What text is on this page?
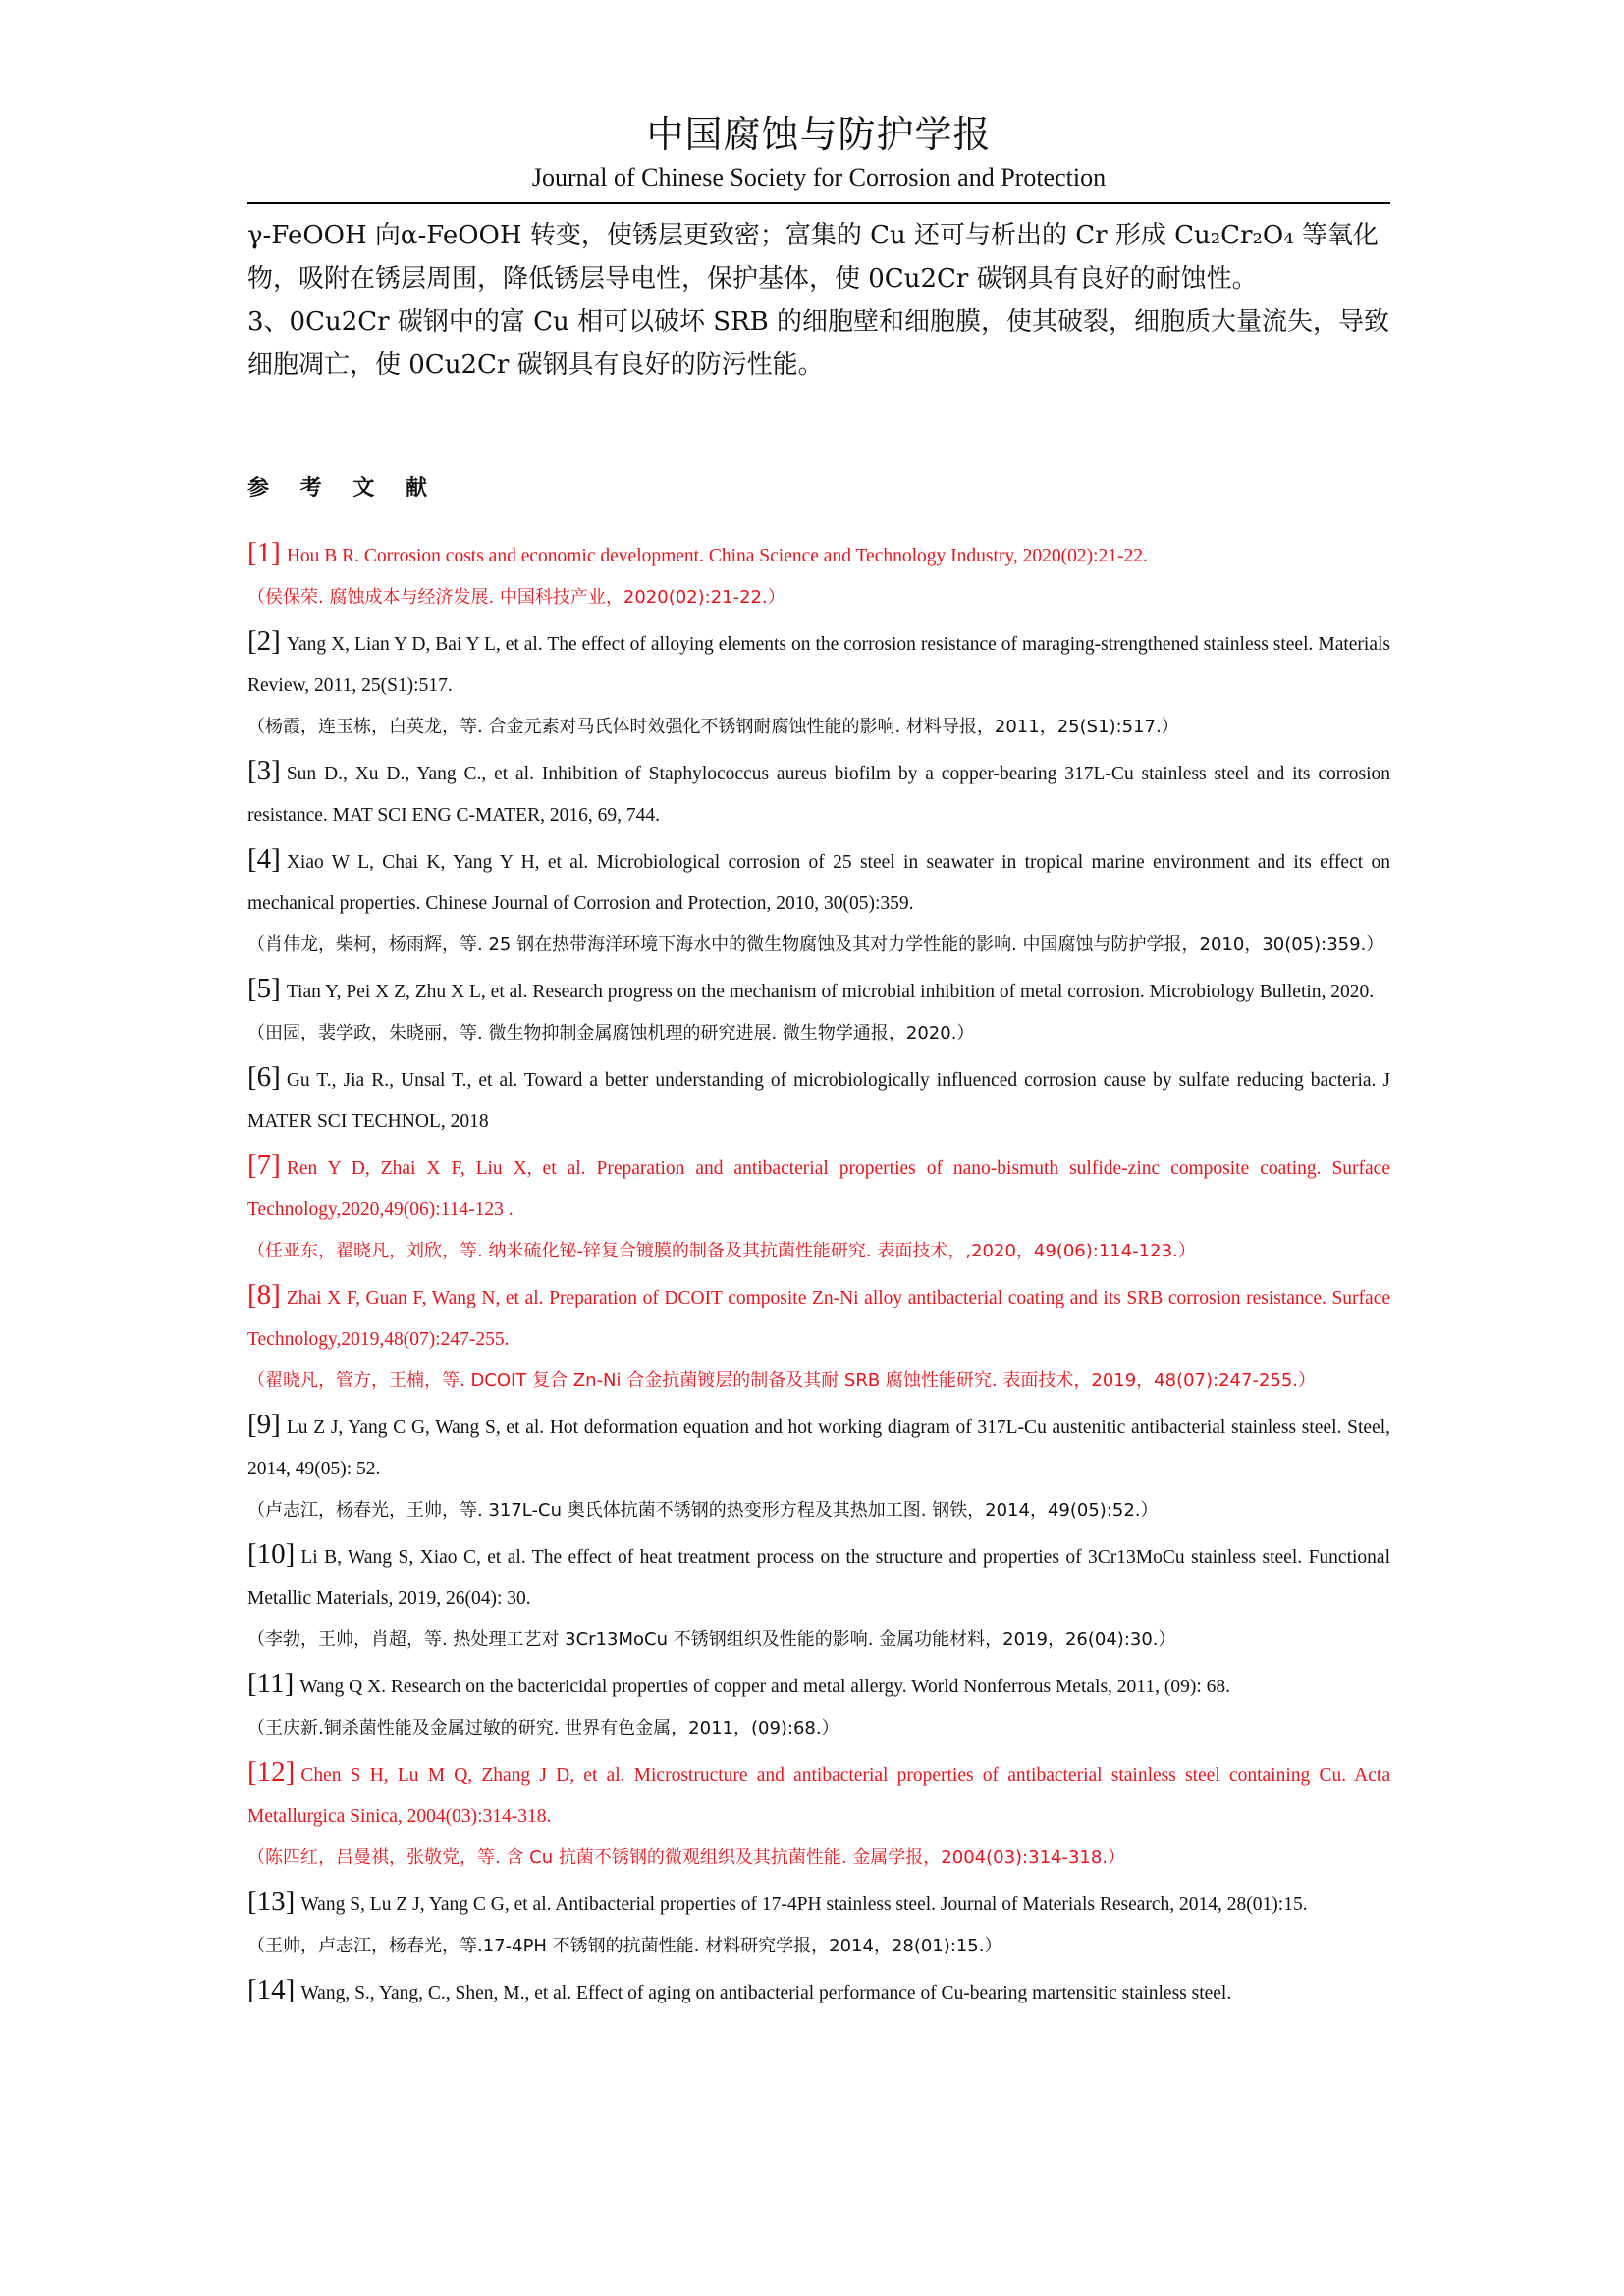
中国腐蚀与防护学报
Journal of Chinese Society for Corrosion and Protection

γ-FeOOH 向α-FeOOH 转变，使锈层更致密；富集的 Cu 还可与析出的 Cr 形成 Cu₂Cr₂O₄ 等氧化物，吸附在锈层周围，降低锈层导电性，保护基体，使 0Cu2Cr 碳钢具有良好的耐蚀性。

3、0Cu2Cr 碳钢中的富 Cu 相可以破坏 SRB 的细胞壁和细胞膜，使其破裂，细胞质大量流失，导致细胞凋亡，使 0Cu2Cr 碳钢具有良好的防污性能。

参 考 文 献
[1] Hou B R. Corrosion costs and economic development. China Science and Technology Industry, 2020(02):21-22.
（侯保荣. 腐蚀成本与经济发展. 中国科技产业，2020(02):21-22.）
[2] Yang X, Lian Y D, Bai Y L, et al. The effect of alloying elements on the corrosion resistance of maraging-strengthened stainless steel. Materials Review, 2011, 25(S1):517.
（杨霞，连玉栋，白英龙，等. 合金元素对马氏体时效强化不锈钢耐腐蚀性能的影响. 材料导报，2011，25(S1):517.）
[3] Sun D., Xu D., Yang C., et al. Inhibition of Staphylococcus aureus biofilm by a copper-bearing 317L-Cu stainless steel and its corrosion resistance. MAT SCI ENG C-MATER, 2016, 69, 744.
[4] Xiao W L, Chai K, Yang Y H, et al. Microbiological corrosion of 25 steel in seawater in tropical marine environment and its effect on mechanical properties. Chinese Journal of Corrosion and Protection, 2010, 30(05):359.
（肖伟龙，柴柯，杨雨辉，等. 25 钢在热带海洋环境下海水中的微生物腐蚀及其对力学性能的影响. 中国腐蚀与防护学报，2010，30(05):359.）
[5] Tian Y, Pei X Z, Zhu X L, et al. Research progress on the mechanism of microbial inhibition of metal corrosion. Microbiology Bulletin, 2020.
（田园，裴学政，朱晓丽，等. 微生物抑制金属腐蚀机理的研究进展. 微生物学通报，2020.）
[6] Gu T., Jia R., Unsal T., et al. Toward a better understanding of microbiologically influenced corrosion cause by sulfate reducing bacteria. J MATER SCI TECHNOL, 2018
[7] Ren Y D, Zhai X F, Liu X, et al. Preparation and antibacterial properties of nano-bismuth sulfide-zinc composite coating. Surface Technology,2020,49(06):114-123 .
（任亚东，翟晓凡，刘欣，等. 纳米硫化铋-锌复合镀膜的制备及其抗菌性能研究. 表面技术，,2020，49(06):114-123.）
[8] Zhai X F, Guan F, Wang N, et al. Preparation of DCOIT composite Zn-Ni alloy antibacterial coating and its SRB corrosion resistance. Surface Technology,2019,48(07):247-255.
（翟晓凡，管方，王楠，等. DCOIT 复合 Zn-Ni 合金抗菌镀层的制备及其耐 SRB 腐蚀性能研究. 表面技术，2019，48(07):247-255.）
[9] Lu Z J, Yang C G, Wang S, et al. Hot deformation equation and hot working diagram of 317L-Cu austenitic antibacterial stainless steel. Steel, 2014, 49(05): 52.
（卢志江，杨春光，王帅，等. 317L-Cu 奥氏体抗菌不锈钢的热变形方程及其热加工图. 钢铁，2014，49(05):52.）
[10] Li B, Wang S, Xiao C, et al. The effect of heat treatment process on the structure and properties of 3Cr13MoCu stainless steel. Functional Metallic Materials, 2019, 26(04): 30.
（李勃，王帅，肖超，等. 热处理工艺对 3Cr13MoCu 不锈钢组织及性能的影响. 金属功能材料，2019，26(04):30.）
[11] Wang Q X. Research on the bactericidal properties of copper and metal allergy. World Nonferrous Metals, 2011, (09): 68.
（王庆新.铜杀菌性能及金属过敏的研究. 世界有色金属，2011，(09):68.）
[12] Chen S H, Lu M Q, Zhang J D, et al. Microstructure and antibacterial properties of antibacterial stainless steel containing Cu. Acta Metallurgica Sinica, 2004(03):314-318.
（陈四红，吕曼祺，张敬党，等. 含 Cu 抗菌不锈钢的微观组织及其抗菌性能. 金属学报，2004(03):314-318.）
[13] Wang S, Lu Z J, Yang C G, et al. Antibacterial properties of 17-4PH stainless steel. Journal of Materials Research, 2014, 28(01):15.
（王帅，卢志江，杨春光，等.17-4PH 不锈钢的抗菌性能. 材料研究学报，2014，28(01):15.）
[14] Wang, S., Yang, C., Shen, M., et al. Effect of aging on antibacterial performance of Cu-bearing martensitic stainless steel.
